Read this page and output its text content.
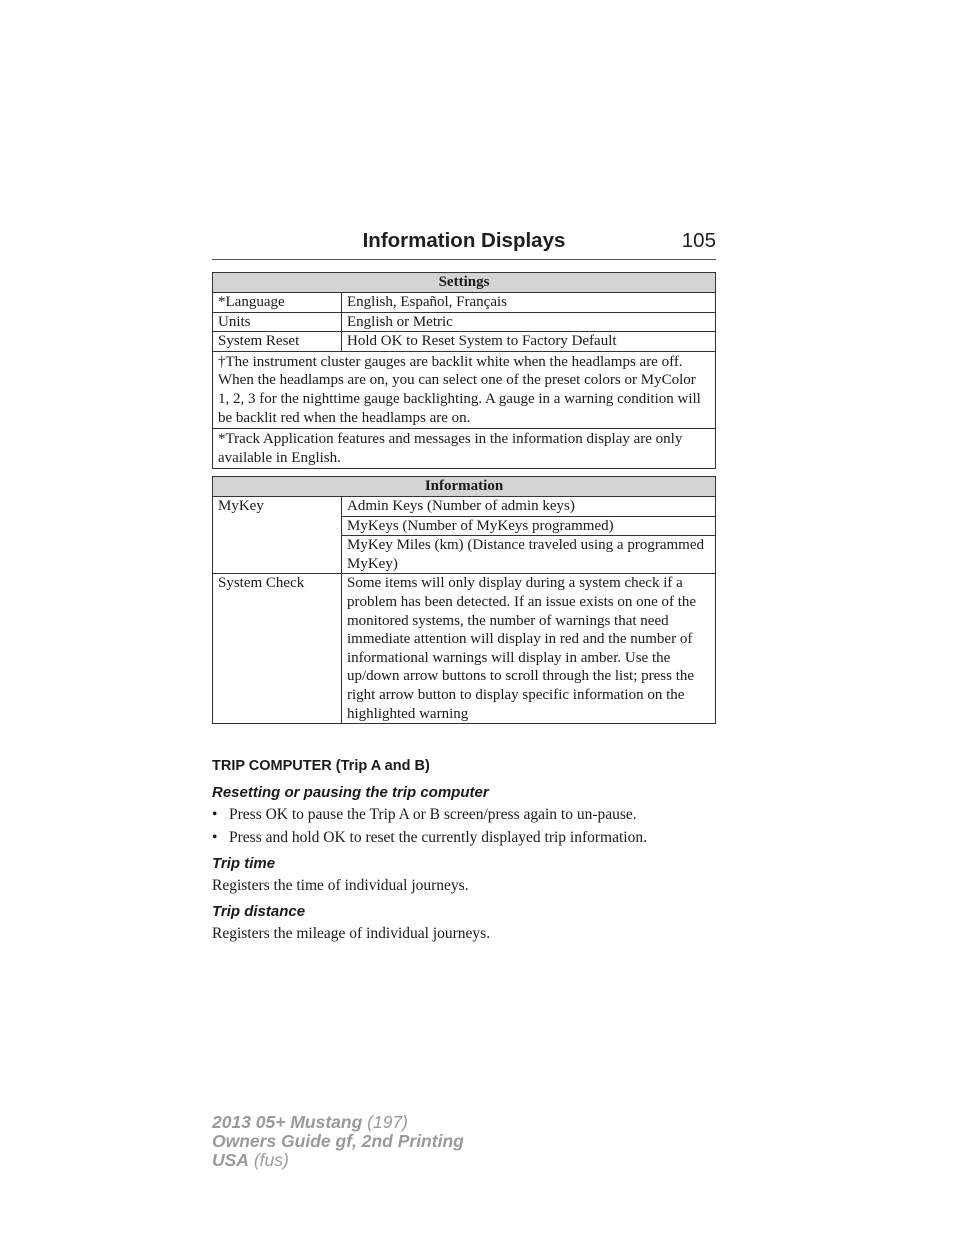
Information Displays	105
Settings	
*Language	English, Español, Français
Units	English or Metric
System Reset	Hold OK to Reset System to Factory Default
†The instrument cluster gauges are backlit white when the headlamps are off. When the headlamps are on, you can select one of the preset colors or MyColor 1, 2, 3 for the nighttime gauge backlighting. A gauge in a warning condition will be backlit red when the headlamps are on.	
*Track Application features and messages in the information display are only available in English.	
Information	
MyKey	Admin Keys (Number of admin keys)
	MyKeys (Number of MyKeys programmed)
	MyKey Miles (km) (Distance traveled using a programmed MyKey)
System Check	Some items will only display during a system check if a problem has been detected. If an issue exists on one of the monitored systems, the number of warnings that need immediate attention will display in red and the number of informational warnings will display in amber. Use the up/down arrow buttons to scroll through the list; press the right arrow button to display specific information on the highlighted warning
TRIP COMPUTER (Trip A and B)
Resetting or pausing the trip computer
• Press OK to pause the Trip A or B screen/press again to un-pause.
• Press and hold OK to reset the currently displayed trip information.
Trip time
Registers the time of individual journeys.
Trip distance
Registers the mileage of individual journeys.
2013 05+ Mustang (197)
Owners Guide gf, 2nd Printing
USA (fus)
